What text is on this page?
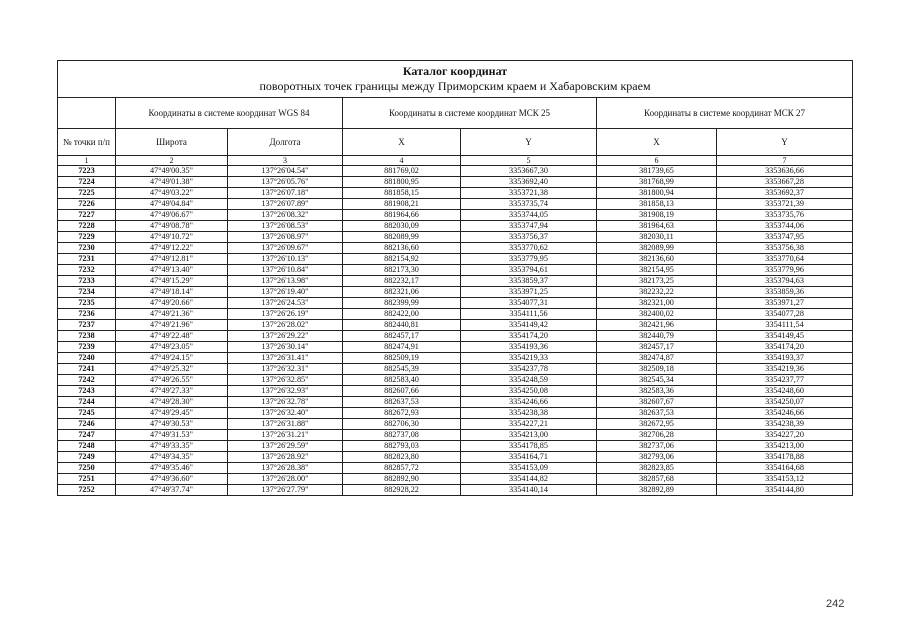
Каталог координат
поворотных точек границы между Приморским краем и Хабаровским краем						

	Координаты в системе координат WGS 84		Координаты в системе координат МСК 25		Координаты в системе координат МСК 27	
№ точки п/п	Широта	Долгота	X	Y	X	Y
1	2	3	4	5	6	7
7223	47°49'00.35"	137°26'04.54"	881769,02	3353667,30	381739,65	3353636,66
7224	47°49'01.38"	137°26'05.76"	881800,95	3353692,40	381768,99	3353667,28
7225	47°49'03.22"	137°26'07.18"	881858,15	3353721,38	381800,94	3353692,37
7226	47°49'04.84"	137°26'07.89"	881908,21	3353735,74	381858,13	3353721,39
7227	47°49'06.67"	137°26'08.32"	881964,66	3353744,05	381908,19	3353735,76
7228	47°49'08.78"	137°26'08.53"	882030,09	3353747,94	381964,63	3353744,06
7229	47°49'10.72"	137°26'08.97"	882089,99	3353756,37	382030,11	3353747,95
7230	47°49'12.22"	137°26'09.67"	882136,60	3353770,62	382089,99	3353756,38
7231	47°49'12.81"	137°26'10.13"	882154,92	3353779,95	382136,60	3353770,64
7232	47°49'13.40"	137°26'10.84"	882173,30	3353794,61	382154,95	3353779,96
7233	47°49'15.29"	137°26'13.98"	882232,17	3353859,37	382173,25	3353794,63
7234	47°49'18.14"	137°26'19.40"	882321,06	3353971,25	382232,22	3353859,36
7235	47°49'20.66"	137°26'24.53"	882399,99	3354077,31	382321,00	3353971,27
7236	47°49'21.36"	137°26'26.19"	882422,00	3354111,56	382400,02	3354077,28
7237	47°49'21.96"	137°26'28.02"	882440,81	3354149,42	382421,96	3354111,54
7238	47°49'22.48"	137°26'29.22"	882457,17	3354174,20	382440,79	3354149,45
7239	47°49'23.05"	137°26'30.14"	882474,91	3354193,36	382457,17	3354174,20
7240	47°49'24.15"	137°26'31.41"	882509,19	3354219,33	382474,87	3354193,37
7241	47°49'25.32"	137°26'32.31"	882545,39	3354237,78	382509,18	3354219,36
7242	47°49'26.55"	137°26'32.85"	882583,40	3354248,59	382545,34	3354237,77
7243	47°49'27.33"	137°26'32.93"	882607,66	3354250,08	382583,36	3354248,60
7244	47°49'28.30"	137°26'32.78"	882637,53	3354246,66	382607,67	3354250,07
7245	47°49'29.45"	137°26'32.40"	882672,93	3354238,38	382637,53	3354246,66
7246	47°49'30.53"	137°26'31.88"	882706,30	3354227,21	382672,95	3354238,39
7247	47°49'31.53"	137°26'31.21"	882737,08	3354213,00	382706,28	3354227,20
7248	47°49'33.35"	137°26'29.59"	882793,03	3354178,85	382737,06	3354213,00
7249	47°49'34.35"	137°26'28.92"	882823,80	3354164,71	382793,06	3354178,88
7250	47°49'35.46"	137°26'28.38"	882857,72	3354153,09	382823,85	3354164,68
7251	47°49'36.60"	137°26'28.00"	882892,90	3354144,82	382857,68	3354153,12
7252	47°49'37.74"	137°26'27.79"	882928,22	3354140,14	382892,89	3354144,80
242
